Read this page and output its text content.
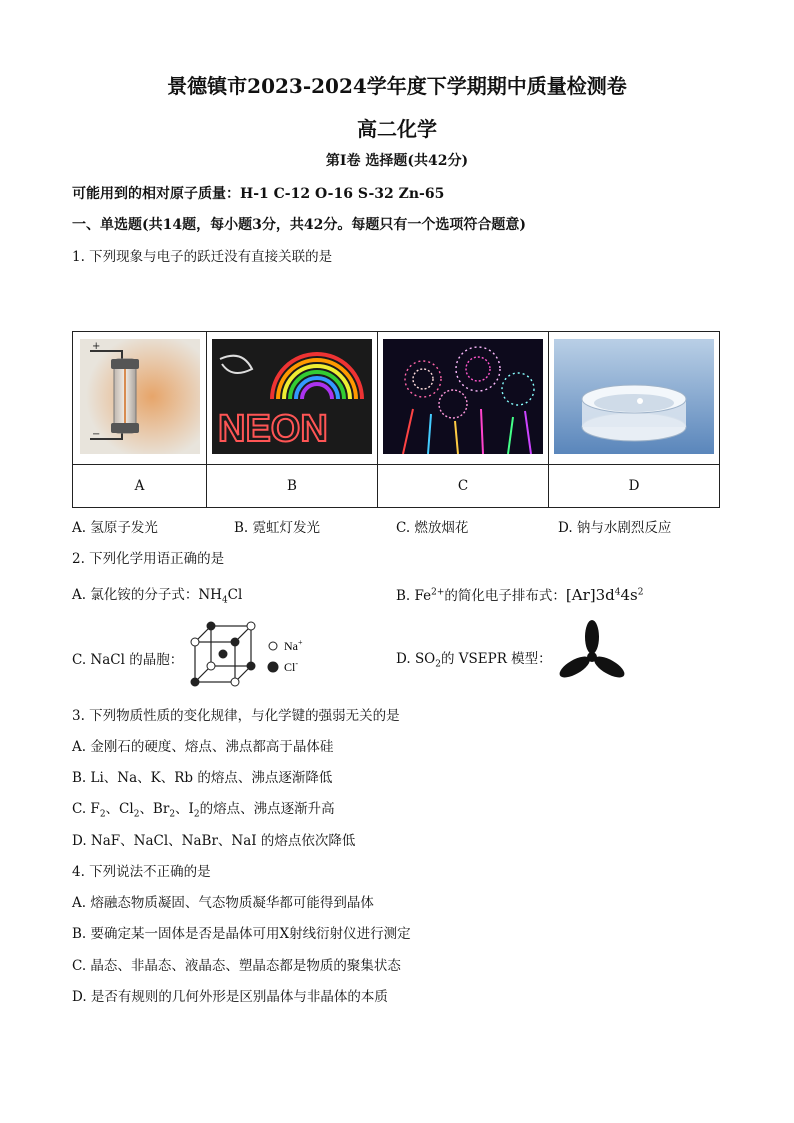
景德镇市2023-2024学年度下学期期中质量检测卷
高二化学
第Ⅰ卷 选择题(共42分)
可能用到的相对原子质量：H-1 C-12 O-16 S-32 Zn-65
一、单选题(共14题，每小题3分，共42分。每题只有一个选项符合题意)
1. 下列现象与电子的跃迁没有直接关联的是
+
−	NEON

A	B	C	D
A. 氢原子发光	B. 霓虹灯发光	C. 燃放烟花	D. 钠与水剧烈反应
2. 下列化学用语正确的是
A. 氯化铵的分子式：$NH_4Cl$	B. $Fe^{2+}$的简化电子排布式：$[Ar]3d^44s^2$
C. NaCl 的晶胞：
Na+
Cl-	D. $SO_2$的 VSEPR 模型：
3. 下列物质性质的变化规律，与化学键的强弱无关的是
A. 金刚石的硬度、熔点、沸点都高于晶体硅
B. Li、Na、K、Rb 的熔点、沸点逐渐降低
C. $F_2$、$Cl_2$、$Br_2$、$I_2$的熔点、沸点逐渐升高
D. NaF、NaCl、NaBr、NaI 的熔点依次降低
4. 下列说法不正确的是
A. 熔融态物质凝固、气态物质凝华都可能得到晶体
B. 要确定某一固体是否是晶体可用X射线衍射仪进行测定
C. 晶态、非晶态、液晶态、塑晶态都是物质的聚集状态
D. 是否有规则的几何外形是区别晶体与非晶体的本质
